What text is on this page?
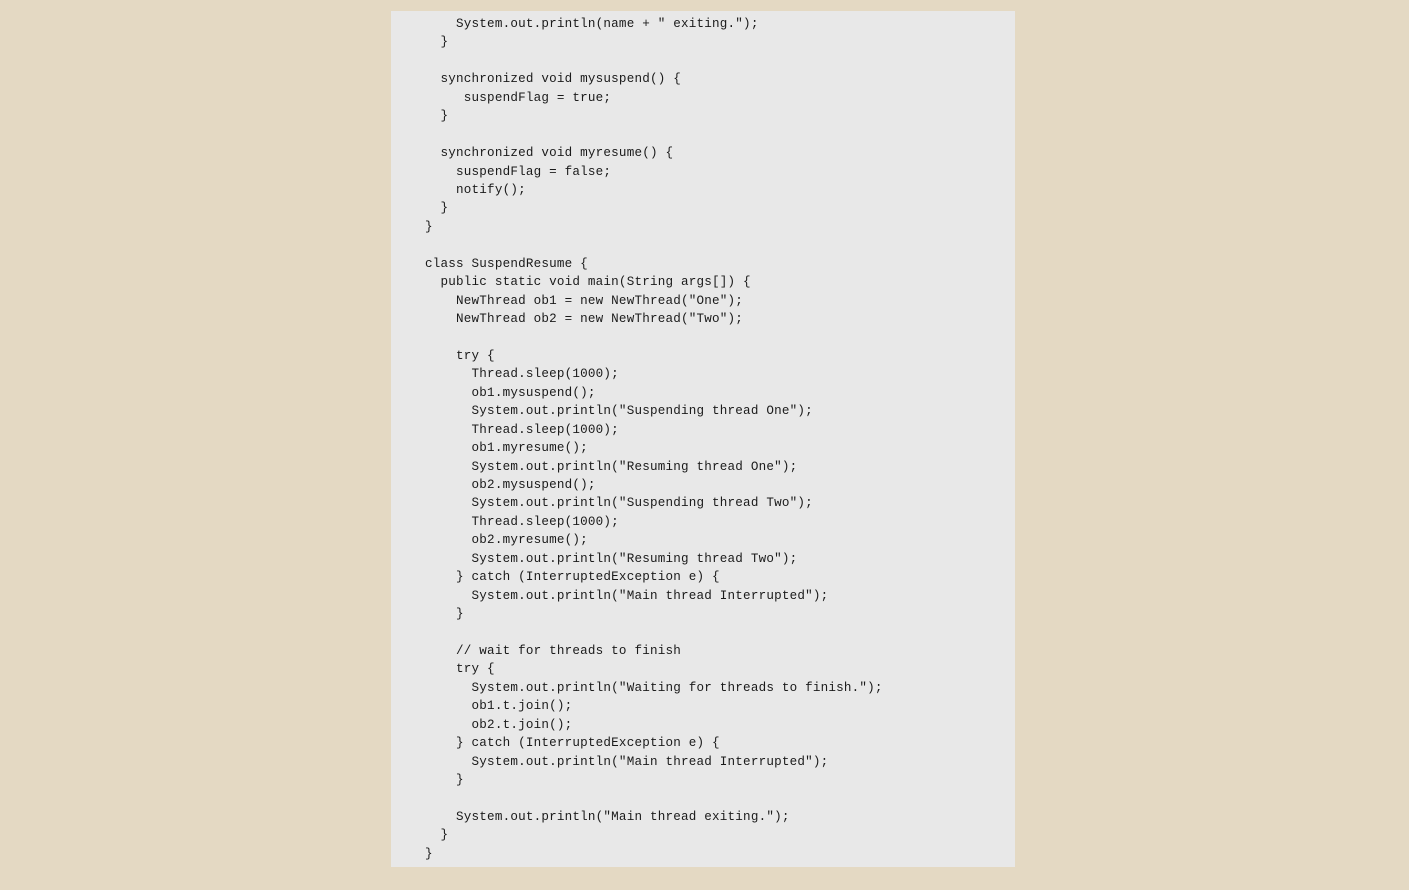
System.out.println(name + " exiting.");
}
synchronized void mysuspend() {
suspendFlag = true;
}
synchronized void myresume() {
suspendFlag = false;
notify();
}
}
class SuspendResume {
public static void main(String args[]) {
NewThread ob1 = new NewThread("One");
NewThread ob2 = new NewThread("Two");
try {
Thread.sleep(1000);
ob1.mysuspend();
System.out.println("Suspending thread One");
Thread.sleep(1000);
ob1.myresume();
System.out.println("Resuming thread One");
ob2.mysuspend();
System.out.println("Suspending thread Two");
Thread.sleep(1000);
ob2.myresume();
System.out.println("Resuming thread Two");
} catch (InterruptedException e) {
System.out.println("Main thread Interrupted");
}
// wait for threads to finish
try {
System.out.println("Waiting for threads to finish.");
ob1.t.join();
ob2.t.join();
} catch (InterruptedException e) {
System.out.println("Main thread Interrupted");
}
System.out.println("Main thread exiting.");
}
}
